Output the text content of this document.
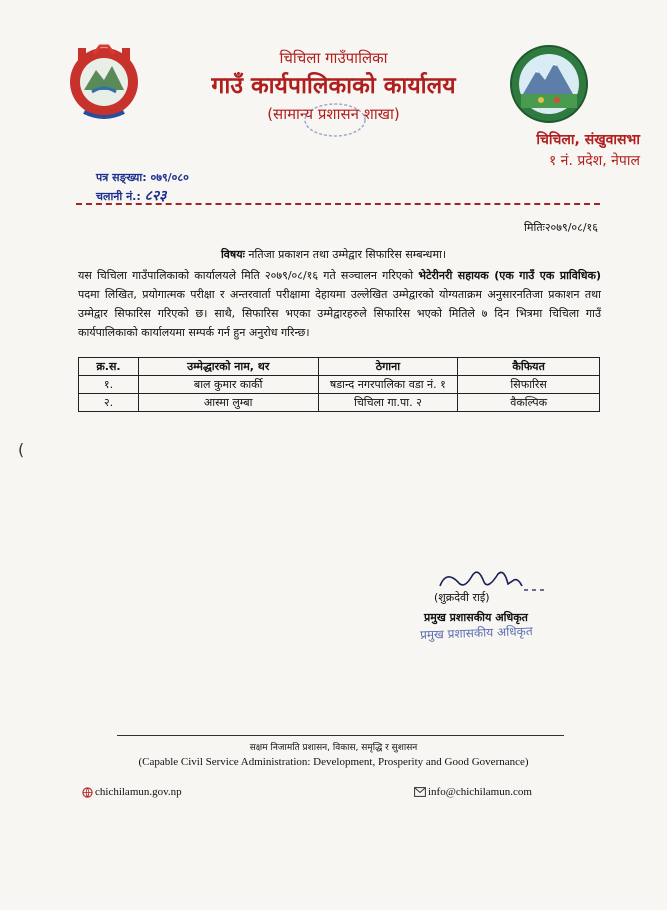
चिचिला गाउँपालिका
गाउँ कार्यपालिकाको कार्यालय
(सामान्य प्रशासन शाखा)
चिचिला, संखुवासभा
१ नं. प्रदेश, नेपाल
पत्र सङ्ख्या: ०७९/०८०
चलानी नं.: ८२३
मितिः२०७९/०८/१६
विषयः नतिजा प्रकाशन तथा उम्मेद्वार सिफारिस सम्बन्धमा।
यस चिचिला गाउँपालिकाको कार्यालयले मिति २०७९/०८/१६ गते सञ्चालन गरिएको भेटेरीनरी सहायक (एक गाउँ एक प्राविधिक) पदमा लिखित, प्रयोगात्मक परीक्षा र अन्तरवार्ता परीक्षामा देहायमा उल्लेखित उम्मेद्वारको योग्यताक्रम अनुसारनतिजा प्रकाशन तथा उम्मेद्वार सिफारिस गरिएको छ। साथै, सिफारिस भएका उम्मेद्वारहरुले सिफारिस भएको मितिले ७ दिन भित्रमा चिचिला गाउँ कार्यपालिकाको कार्यालयमा सम्पर्क गर्न हुन अनुरोध गरिन्छ।
क्र.स.	उम्मेद्धारको नाम, थर	ठेगाना	कैफियत
१.	बाल कुमार कार्की	षडान्द नगरपालिका वडा नं. १	सिफारिस
२.	आस्मा लुम्बा	चिचिला गा.पा. २	वैकल्पिक
(
(शुक्रदेवी राई)
प्रमुख प्रशासकीय अधिकृत
प्रमुख प्रशासकीय अधिकृत
सक्षम निजामति प्रशासन, विकास, समृद्धि र सुशासन
(Capable Civil Service Administration: Development, Prosperity and Good Governance)
chichilamun.gov.np	info@chichilamun.com
